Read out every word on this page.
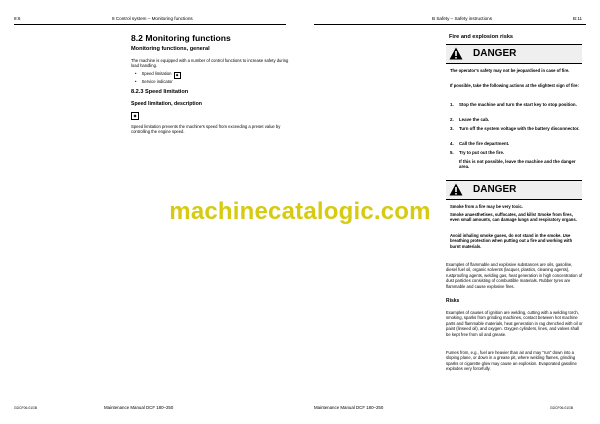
8:6	8 Control system – Monitoring functions
8.2 Monitoring functions
Monitoring functions, general
The machine is equipped with a number of control functions to increase safety during load handling.
• Speed limitation ◆
• Service indicator
8.2.3 Speed limitation
Speed limitation, description
◆
Speed limitation prevents the machine's speed from exceeding a preset value by controlling the engine speed.
GDCF06.01GB	Maintenance Manual DCF 180–250
B Safety – Safety instructions	B:11
Fire and explosion risks
DANGER
The operator's safety may not be jeopardised in case of fire.
If possible, take the following actions at the slightest sign of fire:
1. Stop the machine and turn the start key to stop position.
2. Leave the cab.
3. Turn off the system voltage with the battery disconnector.
4. Call the fire department.
5. Try to put out the fire.
If this is not possible, leave the machine and the danger area.
DANGER
Smoke from a fire may be very toxic.
Smoke anaesthetises, suffocates, and kills! Smoke from fires, even small amounts, can damage lungs and respiratory organs.
Avoid inhaling smoke gases, do not stand in the smoke. Use breathing protection when putting out a fire and working with burnt materials.
Examples of flammable and explosive substances are oils, gasoline, diesel fuel oil, organic solvents (lacquer, plastics, cleaning agents), rustproofing agents, welding gas, heat generation in high concentration of dust particles consisting of combustible materials. Rubber tyres are flammable and cause explosive fires.
Risks
Examples of causes of ignition are welding, cutting with a welding torch, smoking, sparks from grinding machines, contact between hot machine parts and flammable materials, heat generation in rag drenched with oil or paint (linseed oil), and oxygen. Oxygen cylinders, lines, and valves shall be kept free from oil and grease.
Fumes from, e.g., fuel are heavier than air and may "run" down into a sloping plane, or down in a grease pit, where welding flames, grinding sparks or cigarette glow may cause an explosion. Evaporated gasoline explodes very forcefully.
Maintenance Manual DCF 180–250	GDCF06.01GB
machinecatalogic.com
